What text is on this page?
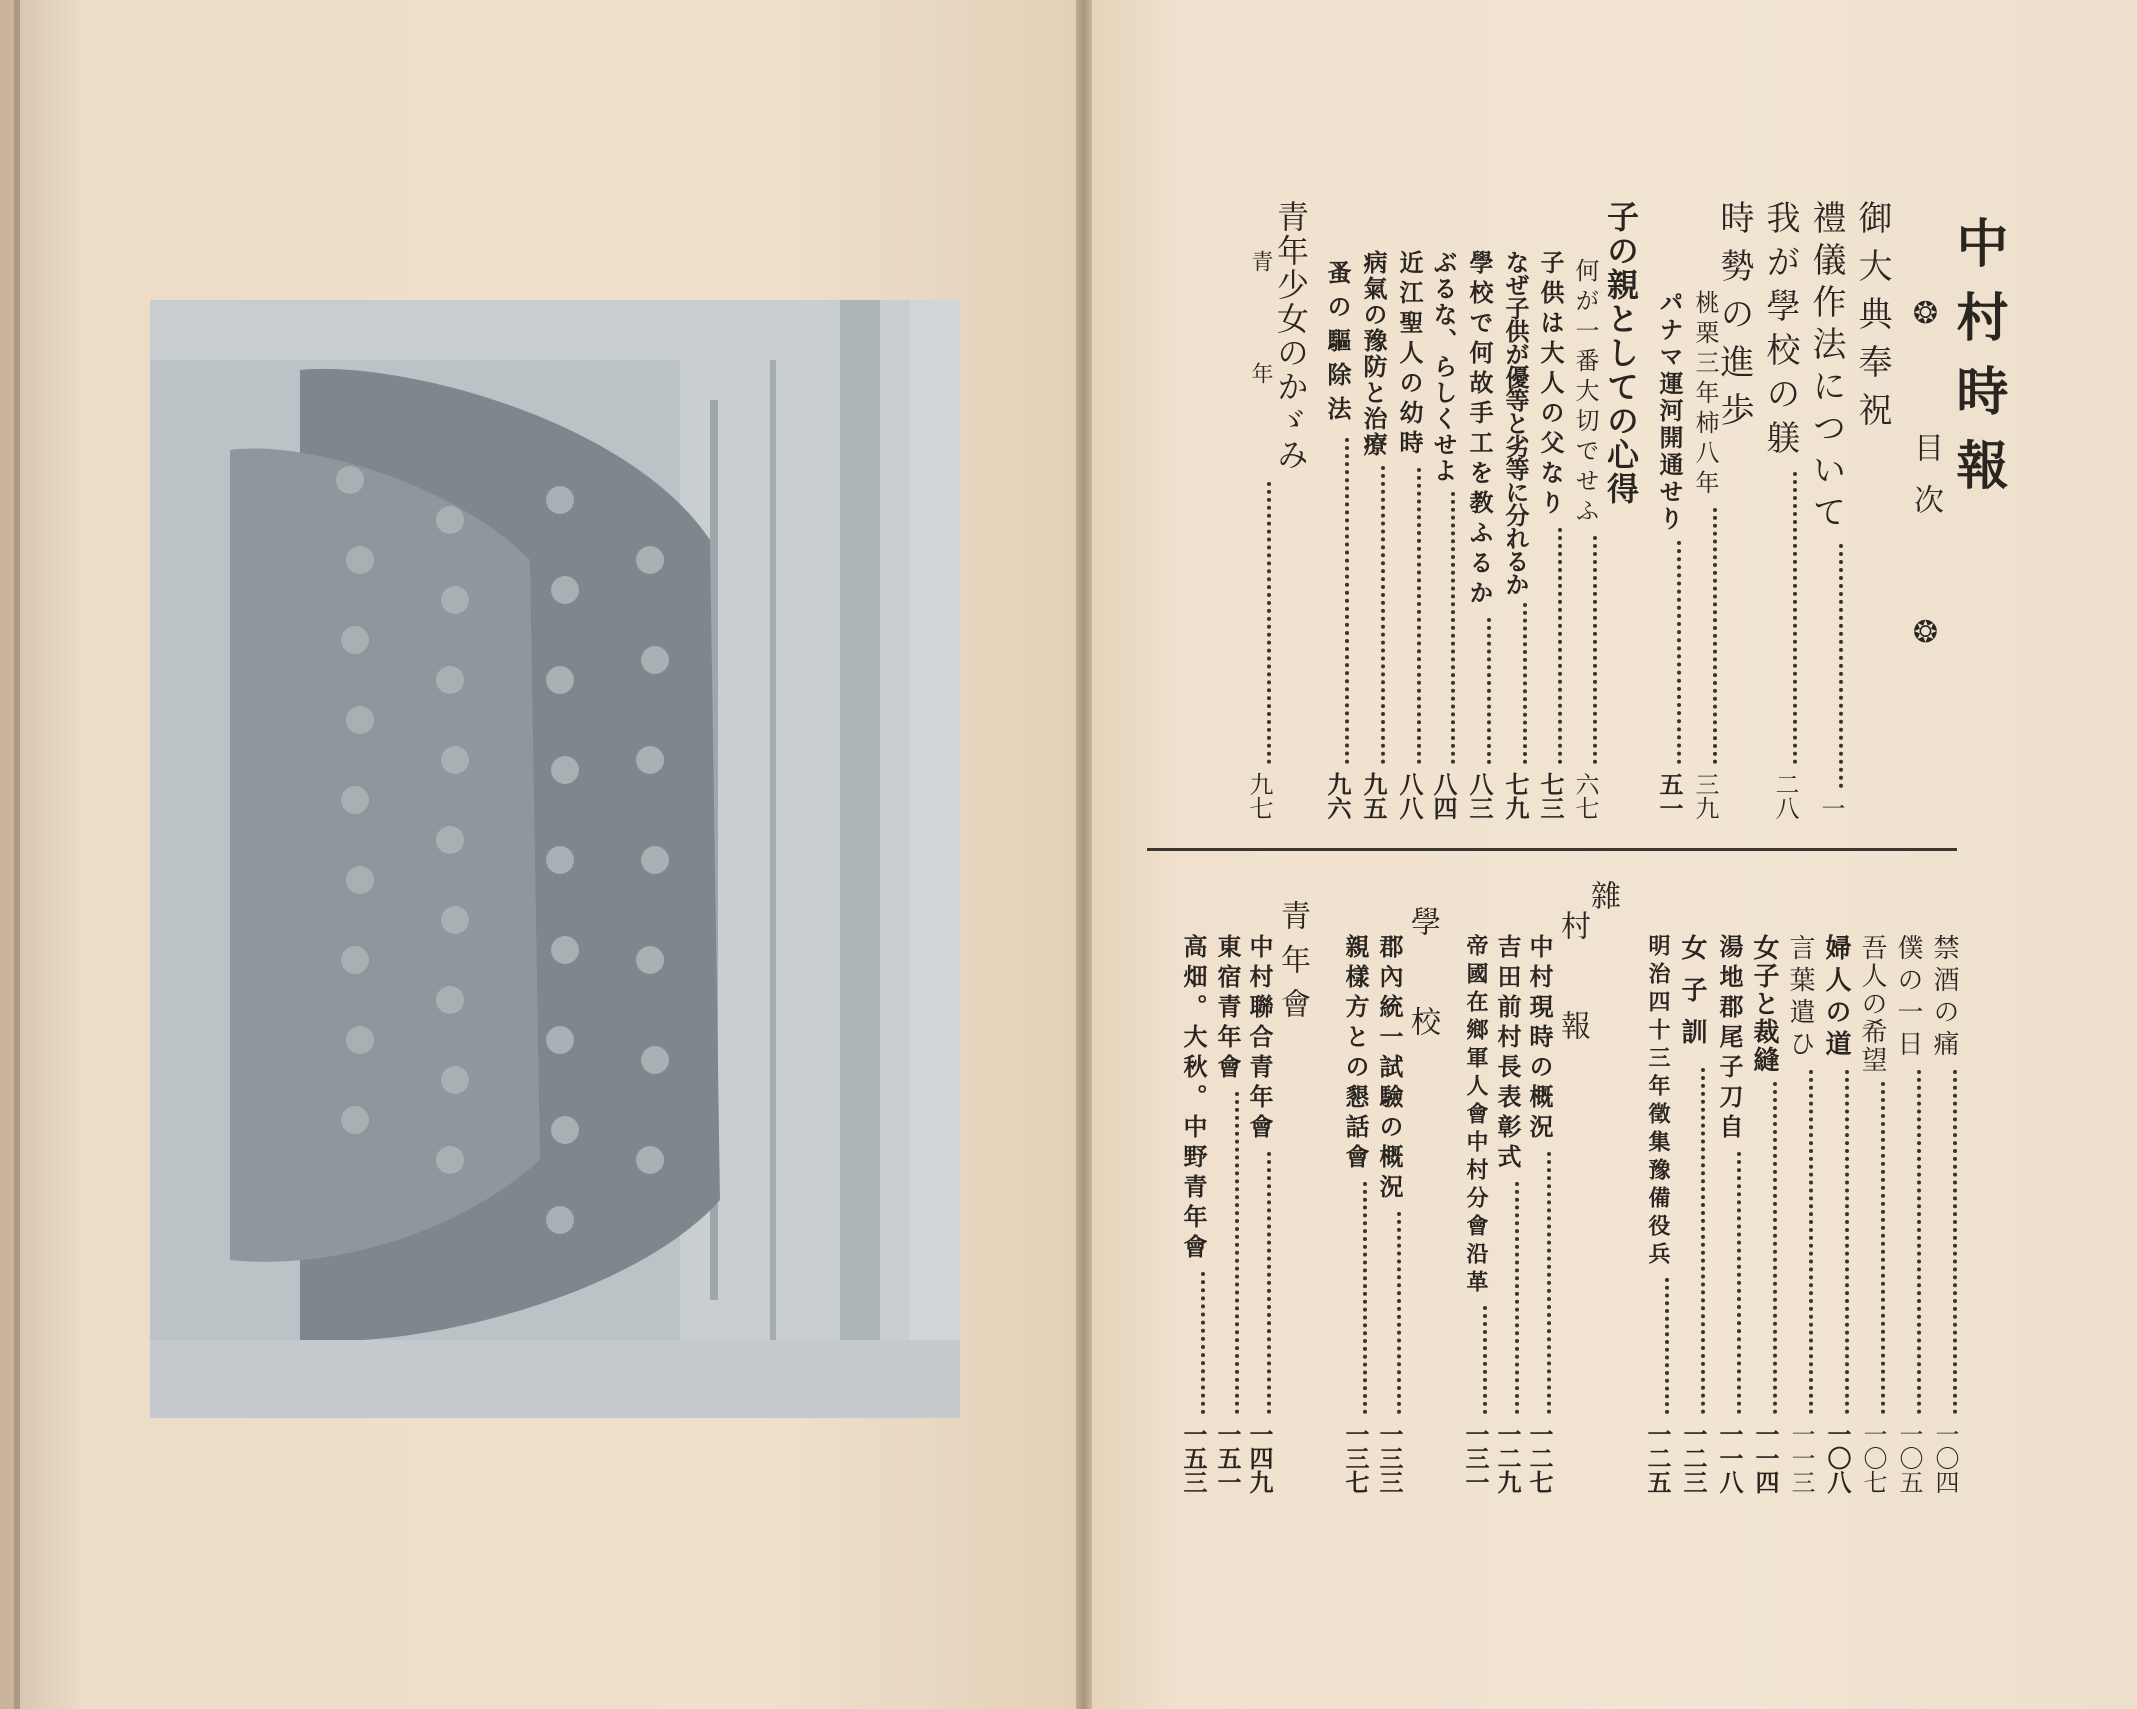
中村時報
❂  目次  ❂
御大典奉祝
禮儀作法について
一
我が學校の躾
二八
時勢の進歩
桃栗三年柿八年
三九
パナマ運河開通せり
五一
子の親としての心得
何が一番大切でせふ
六七
子供は大人の父なり
七三
なぜ子供が優等と劣等に分れるか
七九
學校で何故手工を教ふるか
八三
ぶるな、らしくせよ
八四
近江聖人の幼時
八八
病氣の豫防と治療
九五
蚤の驅除法
九六
青年少女のかゞみ
青年
九七
禁酒の痛
一〇四
僕の一日
一〇五
吾人の希望
一〇七
婦人の道
一〇八
言葉遣ひ
一一三
女子と裁縫
一一四
湯地郡尾子刀自
一一八
女子訓
一二三
明治四十三年徵集豫備役兵
一二五
雜
村報
中村現時の概況
一二七
吉田前村長表彰式
一二九
帝國在鄉軍人會中村分會沿革
一三一
學校
郡內統一試驗の概況
一三三
親樣方との懇話會
一三七
青年會
中村聯合青年會
一四九
東宿青年會
一五一
高畑。大秋。中野青年會
一五三
